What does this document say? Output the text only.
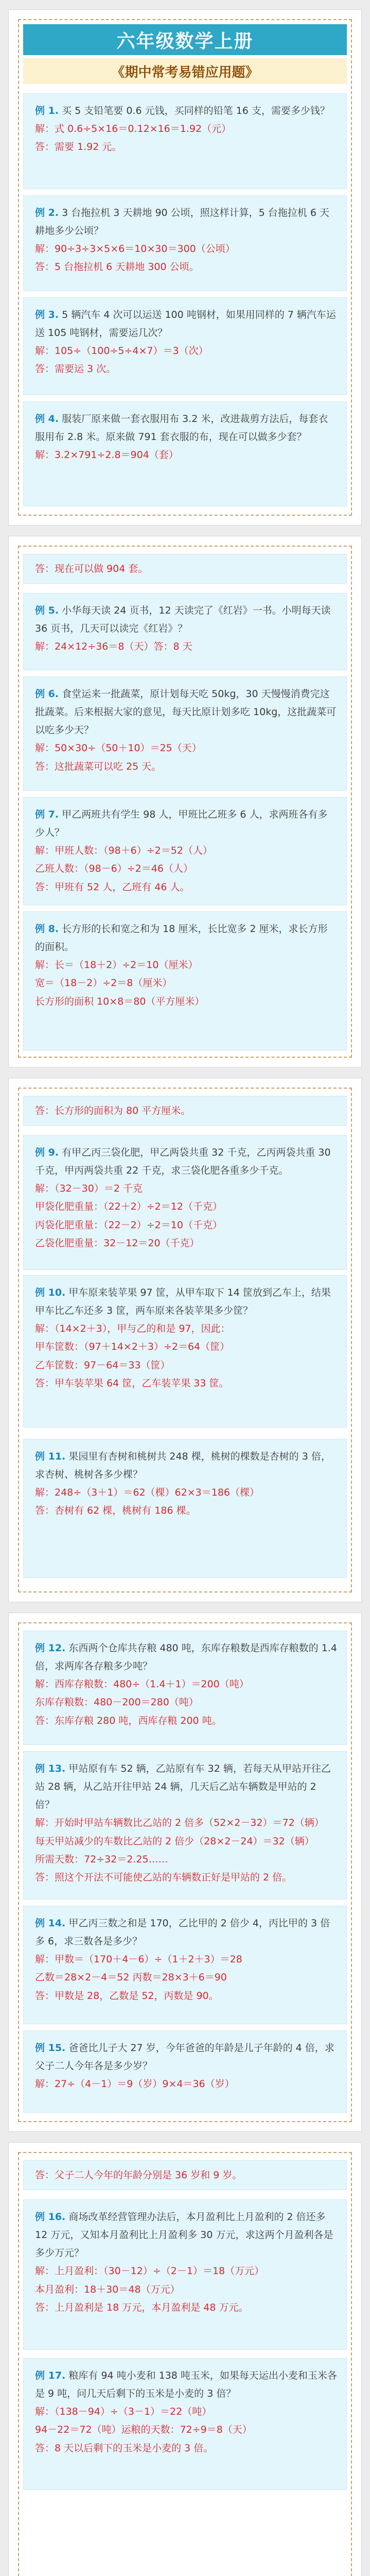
六年级数学上册
《期中常考易错应用题》

例 1. 买 5 支铅笔要 0.6 元钱，买同样的铅笔 16 支，需要多少钱？

解：式 0.6÷5×16＝0.12×16＝1.92（元）

答：需要 1.92 元。

例 2. 3 台拖拉机 3 天耕地 90 公顷，照这样计算，5 台拖拉机 6 天耕地多少公顷？

解：90÷3÷3×5×6＝10×30＝300（公顷）

答：5 台拖拉机 6 天耕地 300 公顷。

例 3. 5 辆汽车 4 次可以运送 100 吨钢材，如果用同样的 7 辆汽车运送 105 吨钢材，需要运几次？

解：105÷（100÷5÷4×7）＝3（次）

答：需要运 3 次。

例 4. 服装厂原来做一套衣服用布 3.2 米，改进裁剪方法后，每套衣服用布 2.8 米。原来做 791 套衣服的布，现在可以做多少套？

解：3.2×791÷2.8＝904（套）

答：现在可以做 904 套。

例 5. 小华每天读 24 页书，12 天读完了《红岩》一书。小明每天读 36 页书，几天可以读完《红岩》？

解：24×12÷36＝8（天）答：8 天

例 6. 食堂运来一批蔬菜，原计划每天吃 50kg，30 天慢慢消费完这批蔬菜。后来根据大家的意见，每天比原计划多吃 10kg，这批蔬菜可以吃多少天？

解：50×30÷（50＋10）＝25（天）

答：这批蔬菜可以吃 25 天。

例 7. 甲乙两班共有学生 98 人，甲班比乙班多 6 人，求两班各有多少人？

解：甲班人数：（98＋6）÷2＝52（人）

乙班人数：（98－6）÷2＝46（人）

答：甲班有 52 人，乙班有 46 人。

例 8. 长方形的长和宽之和为 18 厘米，长比宽多 2 厘米，求长方形的面积。

解：长＝（18＋2）÷2＝10（厘米）

宽＝（18－2）÷2＝8（厘米）

长方形的面积 10×8＝80（平方厘米）

答：长方形的面积为 80 平方厘米。

例 9. 有甲乙丙三袋化肥，甲乙两袋共重 32 千克，乙丙两袋共重 30 千克，甲丙两袋共重 22 千克，求三袋化肥各重多少千克。

解：（32－30）＝2 千克

甲袋化肥重量：（22＋2）÷2＝12（千克）

丙袋化肥重量：（22－2）÷2＝10（千克）

乙袋化肥重量：32－12＝20（千克）

例 10. 甲车原来装苹果 97 筐，从甲车取下 14 筐放到乙车上，结果甲车比乙车还多 3 筐，两车原来各装苹果多少筐？

解：（14×2＋3），甲与乙的和是 97，因此：

甲车筐数：（97＋14×2＋3）÷2＝64（筐）

乙车筐数：97－64＝33（筐）

答：甲车装苹果 64 筐，乙车装苹果 33 筐。

例 11. 果园里有杏树和桃树共 248 棵，桃树的棵数是杏树的 3 倍，求杏树、桃树各多少棵？

解：248÷（3＋1）＝62（棵）62×3＝186（棵）

答：杏树有 62 棵，桃树有 186 棵。

例 12. 东西两个仓库共存粮 480 吨，东库存粮数是西库存粮数的 1.4 倍，求两库各存粮多少吨？

解：西库存粮数：480÷（1.4＋1）＝200（吨）

东库存粮数：480－200＝280（吨）

答：东库存粮 280 吨，西库存粮 200 吨。

例 13. 甲站原有车 52 辆，乙站原有车 32 辆，若每天从甲站开往乙站 28 辆，从乙站开往甲站 24 辆，几天后乙站车辆数是甲站的 2 倍？

解：开始时甲站车辆数比乙站的 2 倍多（52×2－32）＝72（辆）

每天甲站减少的车数比乙站的 2 倍少（28×2－24）＝32（辆）

所需天数：72÷32＝2.25……

答：照这个开法不可能使乙站的车辆数正好是甲站的 2 倍。

例 14. 甲乙丙三数之和是 170，乙比甲的 2 倍少 4，丙比甲的 3 倍多 6，求三数各是多少？

解：甲数＝（170＋4－6）÷（1＋2＋3）＝28

乙数＝28×2－4＝52 丙数＝28×3＋6＝90

答：甲数是 28，乙数是 52，丙数是 90。

例 15. 爸爸比儿子大 27 岁，今年爸爸的年龄是儿子年龄的 4 倍，求父子二人今年各是多少岁？

解：27÷（4－1）＝9（岁）9×4＝36（岁）

答：父子二人今年的年龄分别是 36 岁和 9 岁。

例 16. 商场改革经营管理办法后，本月盈利比上月盈利的 2 倍还多 12 万元，又知本月盈利比上月盈利多 30 万元，求这两个月盈利各是多少万元？

解：上月盈利：（30－12）÷（2－1）＝18（万元）

本月盈利：18＋30＝48（万元）

答：上月盈利是 18 万元，本月盈利是 48 万元。

例 17. 粮库有 94 吨小麦和 138 吨玉米，如果每天运出小麦和玉米各是 9 吨，问几天后剩下的玉米是小麦的 3 倍？

解：（138－94）÷（3－1）＝22（吨）

94－22＝72（吨）运粮的天数：72÷9＝8（天）

答：8 天以后剩下的玉米是小麦的 3 倍。
